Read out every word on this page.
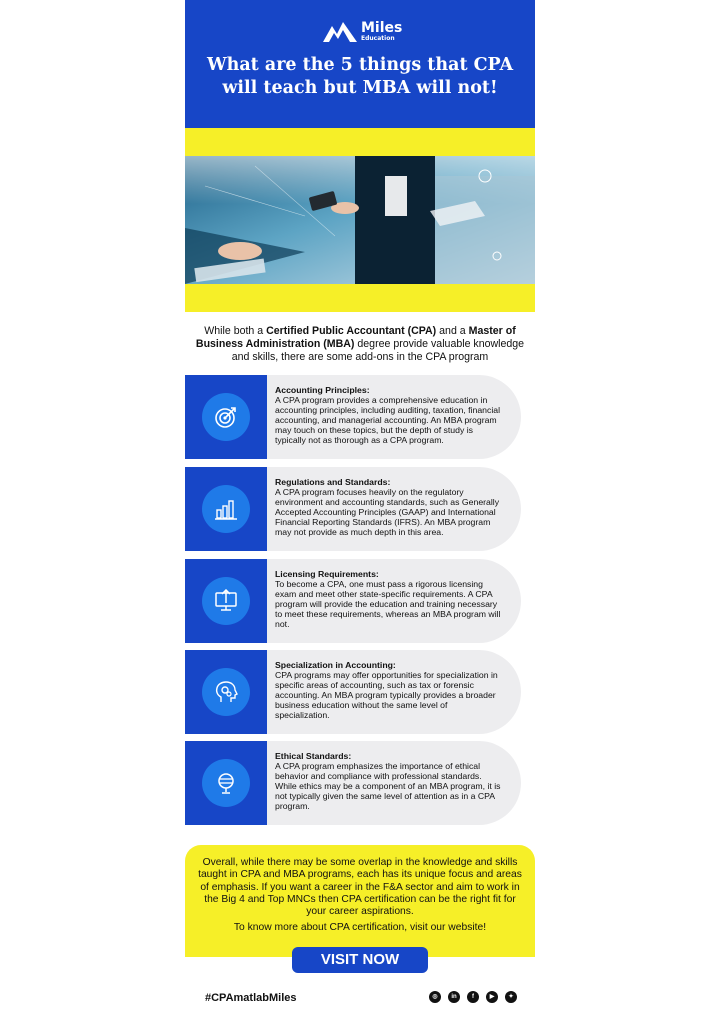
Miles
Education
What are the 5 things that CPA will teach but MBA will not!
While both a Certified Public Accountant (CPA) and a Master of Business Administration (MBA) degree provide valuable knowledge and skills, there are some add-ons in the CPA program
Accounting Principles:
A CPA program provides a comprehensive education in accounting principles, including auditing, taxation, financial accounting, and managerial accounting. An MBA program may touch on these topics, but the depth of study is typically not as thorough as a CPA program.
Regulations and Standards:
A CPA program focuses heavily on the regulatory environment and accounting standards, such as Generally Accepted Accounting Principles (GAAP) and International Financial Reporting Standards (IFRS). An MBA program may not provide as much depth in this area.
Licensing Requirements:
To become a CPA, one must pass a rigorous licensing exam and meet other state-specific requirements. A CPA program will provide the education and training necessary to meet these requirements, whereas an MBA program will not.
Specialization in Accounting:
CPA programs may offer opportunities for specialization in specific areas of accounting, such as tax or forensic accounting. An MBA program typically provides a broader business education without the same level of specialization.
Ethical Standards:
A CPA program emphasizes the importance of ethical behavior and compliance with professional standards. While ethics may be a component of an MBA program, it is not typically given the same level of attention as in a CPA program.
Overall, while there may be some overlap in the knowledge and skills taught in CPA and MBA programs, each has its unique focus and areas of emphasis. If you want a career in the F&A sector and aim to work in the Big 4 and Top MNCs then CPA certification can be the right fit for your career aspirations.
To know more about CPA certification, visit our website!
VISIT NOW
#CPAmatlabMiles	◎	in	f	▶	✦
